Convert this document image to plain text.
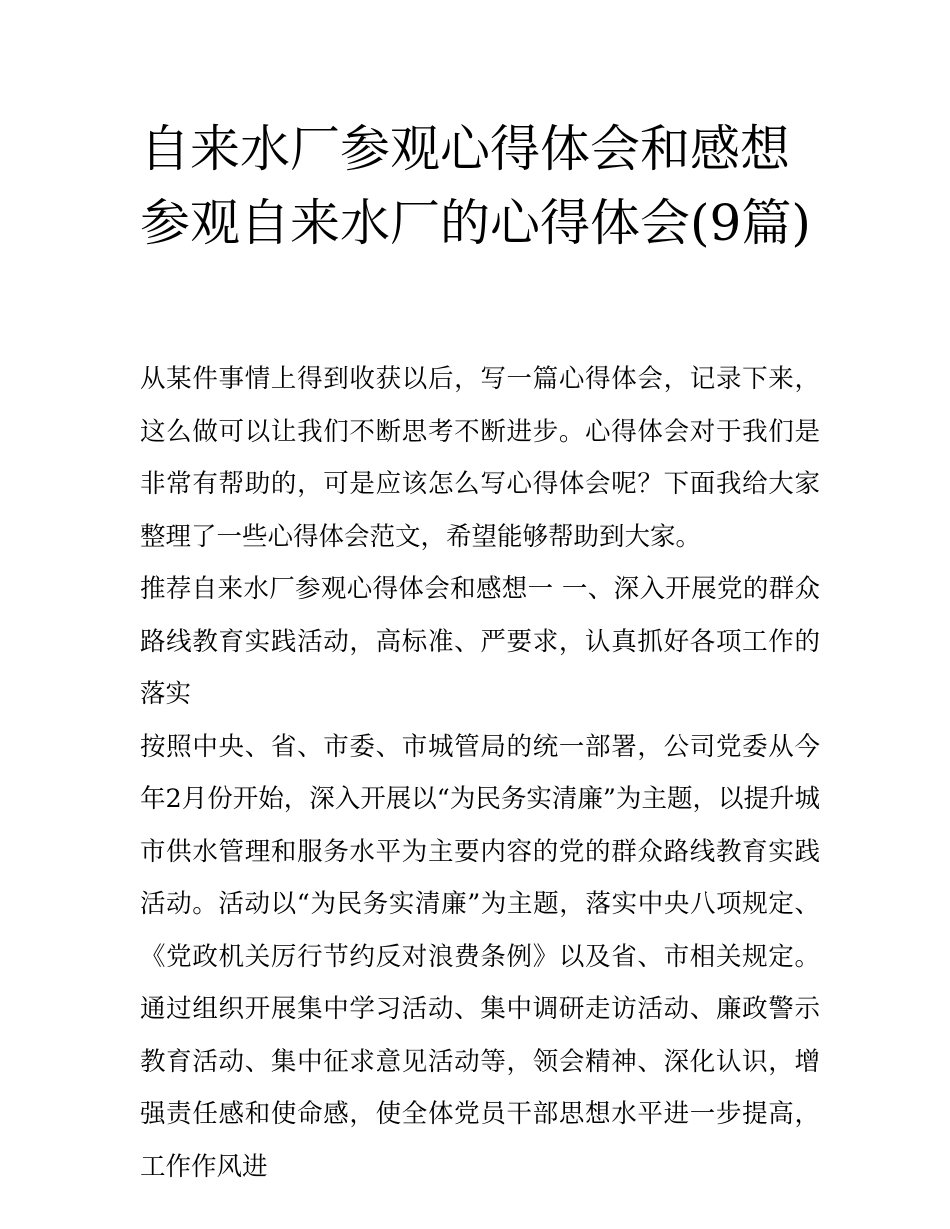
自来水厂参观心得体会和感想参观自来水厂的心得体会(9篇)

从某件事情上得到收获以后，写一篇心得体会，记录下来，这么做可以让我们不断思考不断进步。心得体会对于我们是非常有帮助的，可是应该怎么写心得体会呢？下面我给大家整理了一些心得体会范文，希望能够帮助到大家。

推荐自来水厂参观心得体会和感想一 一、深入开展党的群众路线教育实践活动，高标准、严要求，认真抓好各项工作的落实

按照中央、省、市委、市城管局的统一部署，公司党委从今年2月份开始，深入开展以“为民务实清廉”为主题，以提升城市供水管理和服务水平为主要内容的党的群众路线教育实践活动。活动以“为民务实清廉”为主题，落实中央八项规定、《党政机关厉行节约反对浪费条例》以及省、市相关规定。通过组织开展集中学习活动、集中调研走访活动、廉政警示教育活动、集中征求意见活动等，领会精神、深化认识，增强责任感和使命感，使全体党员干部思想水平进一步提高，工作作风进
